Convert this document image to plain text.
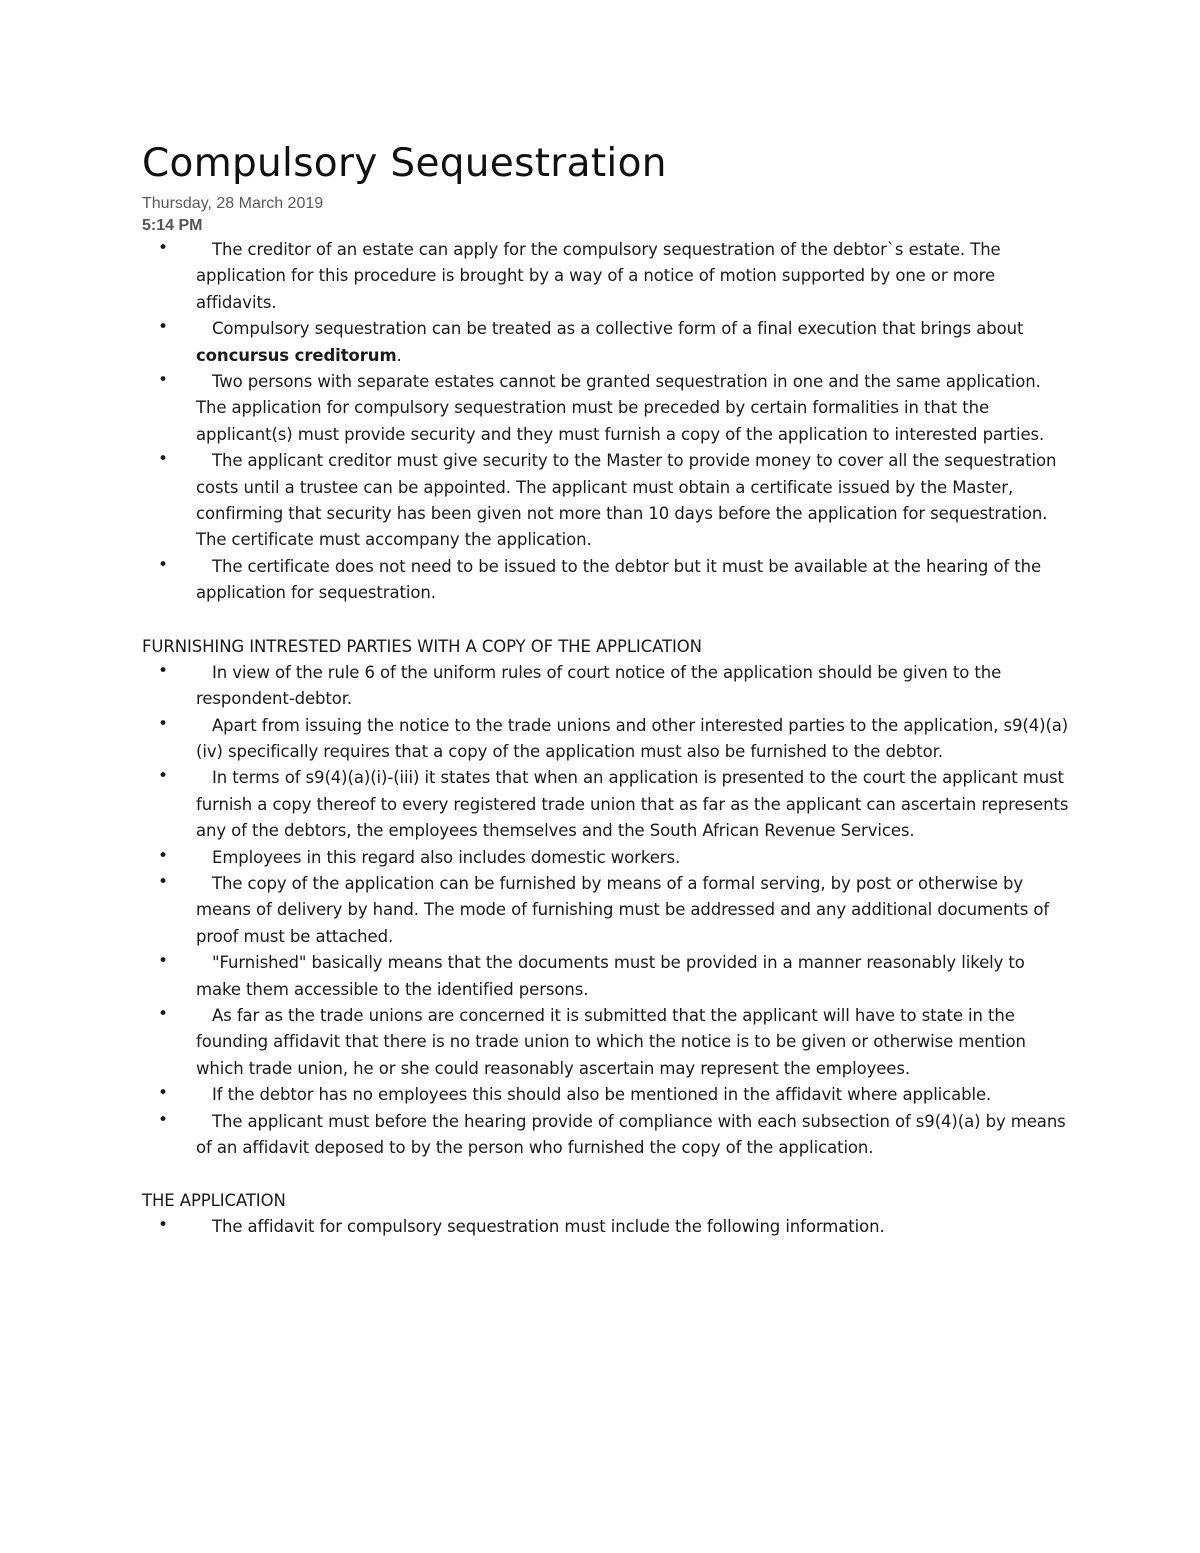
Compulsory Sequestration
Thursday, 28 March 2019
5:14 PM
•	The creditor of an estate can apply for the compulsory sequestration of the debtor`s estate. The application for this procedure is brought by a way of a notice of motion supported by one or more affidavits.
•	Compulsory sequestration can be treated as a collective form of a final execution that brings about concursus creditorum.
•	Two persons with separate estates cannot be granted sequestration in one and the same application. The application for compulsory sequestration must be preceded by certain formalities in that the applicant(s) must provide security and they must furnish a copy of the application to interested parties.
•	The applicant creditor must give security to the Master to provide money to cover all the sequestration costs until a trustee can be appointed. The applicant must obtain a certificate issued by the Master, confirming that security has been given not more than 10 days before the application for sequestration. The certificate must accompany the application.
•	The certificate does not need to be issued to the debtor but it must be available at the hearing of the application for sequestration.

FURNISHING INTRESTED PARTIES WITH A COPY OF THE APPLICATION

•	In view of the rule 6 of the uniform rules of court notice of the application should be given to the respondent-debtor.
•	Apart from issuing the notice to the trade unions and other interested parties to the application, s9(4)(a)(iv) specifically requires that a copy of the application must also be furnished to the debtor.
•	In terms of s9(4)(a)(i)-(iii) it states that when an application is presented to the court the applicant must furnish a copy thereof to every registered trade union that as far as the applicant can ascertain represents any of the debtors, the employees themselves and the South African Revenue Services.
•	Employees in this regard also includes domestic workers.
•	The copy of the application can be furnished by means of a formal serving, by post or otherwise by means of delivery by hand. The mode of furnishing must be addressed and any additional documents of proof must be attached.
•	"Furnished" basically means that the documents must be provided in a manner reasonably likely to make them accessible to the identified persons.
•	As far as the trade unions are concerned it is submitted that the applicant will have to state in the founding affidavit that there is no trade union to which the notice is to be given or otherwise mention which trade union, he or she could reasonably ascertain may represent the employees.
•	If the debtor has no employees this should also be mentioned in the affidavit where applicable.
•	The applicant must before the hearing provide of compliance with each subsection of s9(4)(a) by means of an affidavit deposed to by the person who furnished the copy of the application.

THE APPLICATION

•	The affidavit for compulsory sequestration must include the following information.
